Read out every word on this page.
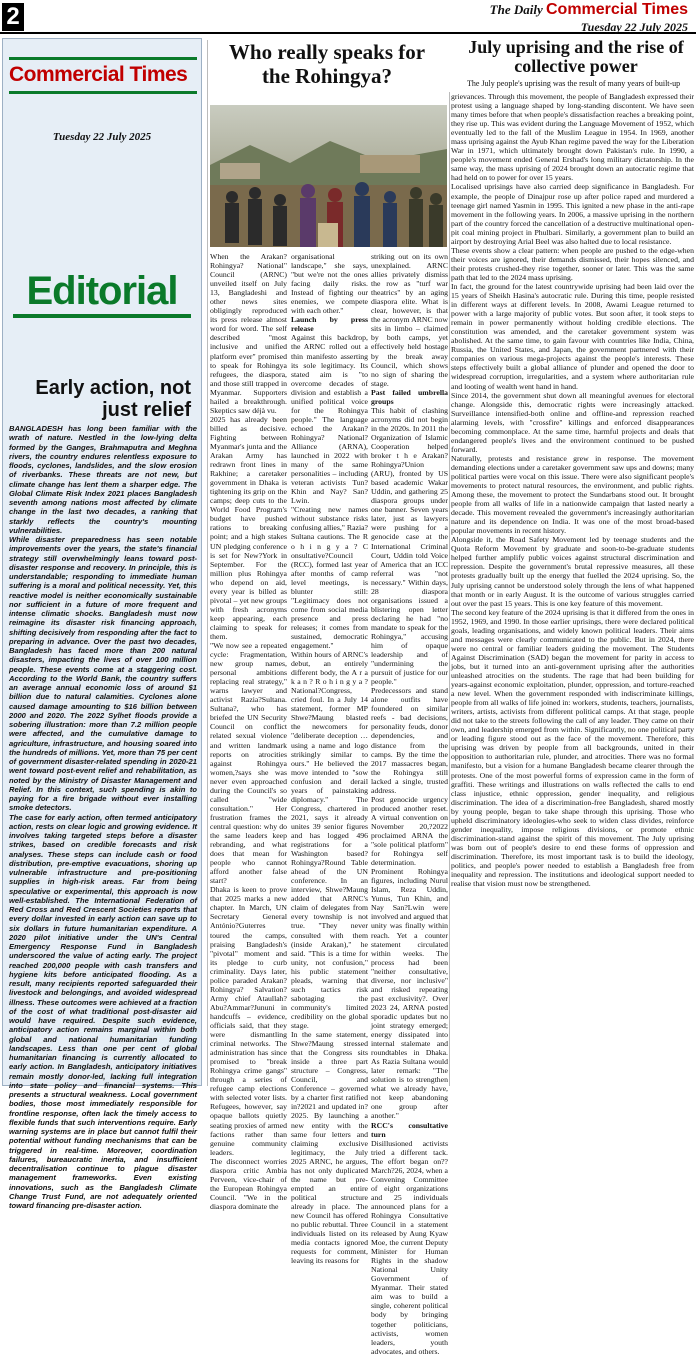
2	The Daily Commercial Times
Tuesday 22 July 2025
Commercial Times
Tuesday 22 July 2025
Editorial
Early action, not just relief

BANGLADESH has long been familiar with the wrath of nature. Nestled in the low-lying delta formed by the Ganges, Brahmaputra and Meghna rivers, the country endures relentless exposure to floods, cyclones, landslides, and the slow erosion of riverbanks. These threats are not new, but climate change has lent them a sharper edge. The Global Climate Risk Index 2021 places Bangladesh seventh among nations most affected by climate change in the last two decades, a ranking that starkly reflects the country's mounting vulnerabilities.

While disaster preparedness has seen notable improvements over the years, the state's financial strategy still overwhelmingly leans toward post-disaster response and recovery. In principle, this is understandable; responding to immediate human suffering is a moral and political necessity. Yet, this reactive model is neither economically sustainable nor sufficient in a future of more frequent and intense climatic shocks. Bangladesh must now reimagine its disaster risk financing approach, shifting decisively from responding after the fact to preparing in advance. Over the past two decades, Bangladesh has faced more than 200 natural disasters, impacting the lives of over 100 million people. These events come at a staggering cost. According to the World Bank, the country suffers an average annual economic loss of around $1 billion due to natural calamities. Cyclones alone caused damage amounting to $16 billion between 2000 and 2020. The 2022 Sylhet floods provide a sobering illustration: more than 7.2 million people were affected, and the cumulative damage to agriculture, infrastructure, and housing soared into the hundreds of millions. Yet, more than 75 per cent of government disaster-related spending in 2020-21 went toward post-event relief and rehabilitation, as noted by the Ministry of Disaster Management and Relief. In this context, such spending is akin to paying for a fire brigade without ever installing smoke detectors.

The case for early action, often termed anticipatory action, rests on clear logic and growing evidence. It involves taking targeted steps before a disaster strikes, based on credible forecasts and risk analyses. These steps can include cash or food distribution, pre-emptive evacuations, shoring up vulnerable infrastructure and pre-positioning supplies in high-risk areas. Far from being speculative or experimental, this approach is now well-established. The International Federation of Red Cross and Red Crescent Societies reports that every dollar invested in early action can save up to six dollars in future humanitarian expenditure. A 2020 pilot initiative under the UN's Central Emergency Response Fund in Bangladesh underscored the value of acting early. The project reached 200,000 people with cash transfers and hygiene kits before anticipated flooding. As a result, many recipients reported safeguarded their livestock and belongings, and avoided widespread illness. These outcomes were achieved at a fraction of the cost of what traditional post-disaster aid would have required. Despite such evidence, anticipatory action remains marginal within both global and national humanitarian funding landscapes. Less than one per cent of global humanitarian financing is currently allocated to early action. In Bangladesh, anticipatory initiatives remain mostly donor-led, lacking full integration into state policy and financial systems. This presents a structural weakness. Local government bodies, those most immediately responsible for frontline response, often lack the timely access to flexible funds that such interventions require. Early warning systems are in place but cannot fulfil their potential without funding mechanisms that can be triggered in real-time. Moreover, coordination failures, bureaucratic inertia, and insufficient decentralisation continue to plague disaster management frameworks. Even existing innovations, such as the Bangladesh Climate Change Trust Fund, are not adequately oriented toward financing pre-disaster action.

Who really speaks for the Rohingya?
July uprising and the rise of collective power
The July people's uprising was the result of many years of built-up

When the Arakan? Rohingya? National" Council (ARNC) unveiled itself on July 13, Bangladeshi and other news sites obligingly reproduced its press release almost word for word. The self described "most inclusive and unified platform ever" promised to speak for Rohingya refugees, the diaspora, and those still trapped in Myanmar. Supporters hailed a breakthrough. Skeptics saw déjà vu.

2025 has already been billed as decisive. Fighting between Myanmar's junta and the Arakan Army has redrawn front lines in Rakhine; a caretaker government in Dhaka is tightening its grip on the camps; deep cuts to the World Food Program's budget have pushed rations to breaking point; and a high stakes UN pledging conference is set for New?York in September. For the million plus Rohingya who depend on aid, every year is billed as pivotal – yet new groups with fresh acronyms keep appearing, each claiming to speak for them.

"We now see a repeated cycle: Fragmentation, new group names, personal ambitions replacing real strategy," warns lawyer and activist Razia?Sultana. Sultana?, who has briefed the UN Security Council on conflict related sexual violence and written landmark reports on atrocities against Rohingya women,?says she was never even approached during the Council's so called "wide consultation." Her frustration frames the central question: why do the same leaders keep rebranding, and what does that mean for people who cannot afford another false start?

Dhaka is keen to prove that 2025 marks a new chapter. In March, UN Secretary General António?Guterres toured the camps, praising Bangladesh's "pivotal" moment and its pledge to curb criminality. Days later, police paraded Arakan? Rohingya? Salvation? Army chief Ataullah? Abu?Ammar?Jununi in handcuffs – evidence, officials said, that they were dismantling criminal networks. The administration has since promised to "break Rohingya crime gangs" through a series of refugee camp elections with selected voter lists. Refugees, however, say opaque ballots quietly seating proxies of armed factions rather than genuine community leaders.

The disconnect worries diaspora critic Ambia Perveen, vice-chair of the European Rohingya Council. "We in the diaspora dominate the

organisational landscape," she says, "but we're not the ones facing daily risks. Instead of fighting our enemies, we compete with each other."

Launch by press release

Against this backdrop, the ARNC rolled out a thin manifesto asserting its sole legitimacy. Its stated aim is "to overcome decades of division and establish a unified political voice for the Rohingya people." The language echoed the Arakan? Rohingya? National?Alliance (ARNA), launched in 2022 with many of the same personalities – including veteran activists Tun?Khin and Nay? San?Lwin.

"Creating new names without substance risks confusing allies," Razia?Sultana cautions. The R o h i n g y a ? C onsultative?Council (RCC), formed last year after months of camp level meetings, is blunter still: "Legitimacy does not come from social media presence and press releases; it comes from sustained, democratic engagement."

Within hours of ARNC's debut, an entirely different body, the A r a k a n ? R o h i n g y a ? National?Congress, cried foul. In a July 14 statement, former MP Shwe?Maung blasted the newcomers for "deliberate deception … using a name and logo strikingly similar to ours." He believed the move intended to "sow confusion and derail years of painstaking diplomacy." The Congress, chartered in 2021, says it already unites 39 senior figures and has logged 496 registrations for a Washington based? Rohingya?Round Table ahead of the UN conference. In an interview, Shwe?Maung added that ARNC's claim of delegates from every township is not true. "They never consulted with them (inside Arakan)," he said. "This is a time for unity, not confusion," his public statement pleads, warning that such tactics risk sabotaging the community's limited credibility on the global stage.

In the same statement, Shwe?Maung stressed that the Congress sits inside a three part structure – Congress, Council, and Conference – governed by a charter first ratified in?2021 and updated in?2025. By launching a new entity with the same four letters and claiming exclusive legitimacy, the July 2025 ARNC, he argues, has not only duplicated the name but pre-empted an entire political structure already in place. The new Council has offered no public rebuttal. Three individuals listed on its media contacts ignored requests for comment, leaving its reasons for

striking out on its own unexplained. ARNC allies privately dismiss the row as "turf war theatrics" by an aging diaspora elite. What is clear, however, is that the acronym ARNC now sits in limbo – claimed by both camps, yet effectively held hostage by the break away Council, which shows no sign of sharing the stage.

Past failed umbrella groups

This habit of clashing acronyms did not begin in the 2020s. In 2011 the Organization of Islamic Cooperation helped broker t h e Arakan?Rohingya?Union (ARU), fronted by US based academic Wakar Uddin, and gathering 25 diaspora groups under one banner. Seven years later, just as lawyers were pushing for a genocide case at the International Criminal Court, Uddin told Voice of America that an ICC referral was "not necessary." Within days, 28 diaspora organisations issued a blistering open letter declaring he had "no mandate to speak for the Rohingya," accusing him of opaque leadership and of "undermining the pursuit of justice for our people."

Predecessors and stand alone outfits have foundered on similar reefs - bad decisions, personality feuds, donor dependencies, and distance from the camps. By the time the 2017 massacres began, the Rohingya still lacked a single, trusted address.

Post genocide urgency produced another reset. A virtual convention on November 20,?2022 proclaimed ARNA the "sole political platform" for Rohingya self determination. Prominent Rohingya figures, including Nurul Islam, Reza Uddin, Yunus, Tun Khin, and Nay San?Lwin were involved and argued that unity was finally within reach. Yet a counter statement circulated within weeks. The process had been "neither consultative, diverse, nor inclusive" and risked repeating past exclusivity?. Over 2023 24, ARNA posted sporadic updates but no joint strategy emerged; energy dissipated into internal stalemate and roundtables in Dhaka. As Razia Sultana would later remark: "The solution is to strengthen what we already have, not keep abandoning one group after another."

RCC's consultative turn

Disillusioned activists tried a different tack. The effort began on??March?26, 2024, when a Convening Committee of eight organizations and 25 individuals announced plans for a Rohingya Consultative Council in a statement released by Aung Kyaw Moe, the current Deputy Minister for Human Rights in the shadow National Unity Government of Myanmar. Their stated aim was to build a single, coherent political body by bringing together politicians, activists, women leaders, youth advocates, and others.

grievances. Through this movement, the people of Bangladesh expressed their protest using a language shaped by long-standing discontent. We have seen many times before that when people's dissatisfaction reaches a breaking point, they rise up. This was evident during the Language Movement of 1952, which eventually led to the fall of the Muslim League in 1954. In 1969, another mass uprising against the Ayub Khan regime paved the way for the Liberation War in 1971, which ultimately brought down Pakistan's rule. In 1990, a people's movement ended General Ershad's long military dictatorship. In the same way, the mass uprising of 2024 brought down an autocratic regime that had held on to power for over 15 years.

Localised uprisings have also carried deep significance in Bangladesh. For example, the people of Dinajpur rose up after police raped and murdered a teenage girl named Yasmin in 1995. This ignited a new phase in the anti-rape movement in the following years. In 2006, a massive uprising in the northern part of the country forced the cancellation of a destructive multinational open-pit coal mining project in Phulbari. Similarly, a government plan to build an airport by destroying Arial Beel was also halted due to local resistance.

These events show a clear pattern: when people are pushed to the edge-when their voices are ignored, their demands dismissed, their hopes silenced, and their protests crushed-they rise together, sooner or later. This was the same path that led to the 2024 mass uprising.

In fact, the ground for the latest countrywide uprising had been laid over the 15 years of Sheikh Hasina's autocratic rule. During this time, people resisted in different ways at different levels. In 2008, Awami League returned to power with a large majority of public votes. But soon after, it took steps to remain in power permanently without holding credible elections. The constitution was amended, and the caretaker government system was abolished. At the same time, to gain favour with countries like India, China, Russia, the United States, and Japan, the government partnered with their companies on various mega-projects against the people's interests. These steps effectively built a global alliance of plunder and opened the door to widespread corruption, irregularities, and a system where authoritarian rule and looting of wealth went hand in hand.

Since 2014, the government shut down all meaningful avenues for electoral change. Alongside this, democratic rights were increasingly attacked. Surveillance intensified-both online and offline-and repression reached alarming levels, with "crossfire" killings and enforced disappearances becoming commonplace. At the same time, harmful projects and deals that endangered people's lives and the environment continued to be pushed forward.

Naturally, protests and resistance grew in response. The movement demanding elections under a caretaker government saw ups and downs; many political parties were vocal on this issue. There were also significant people's movements to protect natural resources, the environment, and public rights. Among these, the movement to protect the Sundarbans stood out. It brought people from all walks of life in a nationwide campaign that lasted nearly a decade. This movement revealed the government's increasingly authoritarian nature and its dependence on India. It was one of the most broad-based popular movements in recent history.

Alongside it, the Road Safety Movement led by teenage students and the Quota Reform Movement by graduate and soon-to-be-graduate students helped further amplify public voices against structural discrimination and repression. Despite the government's brutal repressive measures, all these protests gradually built up the energy that fuelled the 2024 uprising. So, the July uprising cannot be understood solely through the lens of what happened that month or in early August. It is the outcome of various struggles carried out over the past 15 years. This is one key feature of this movement.

The second key feature of the 2024 uprising is that it differed from the ones in 1952, 1969, and 1990. In those earlier uprisings, there were declared political goals, leading organisations, and widely known political leaders. Their aims and messages were clearly communicated to the public. But in 2024, there were no central or familiar leaders guiding the movement. The Students Against Discrimination (SAD) began the movement for parity in access to jobs, but it turned into an anti-government uprising after the authorities unleashed atrocities on the students. The rage that had been building for years-against economic exploitation, plunder, oppression, and torture-reached a new level. When the government responded with indiscriminate killings, people from all walks of life joined in: workers, students, teachers, journalists, writers, artists, activists from different political camps. At that stage, people did not take to the streets following the call of any leader. They came on their own, and leadership emerged from within. Significantly, no one political party or leading figure stood out as the face of the movement. Therefore, this uprising was driven by people from all backgrounds, united in their opposition to authoritarian rule, plunder, and atrocities. There was no formal manifesto, but a vision for a humane Bangladesh became clearer through the protests. One of the most powerful forms of expression came in the form of graffiti. These writings and illustrations on walls reflected the calls to end class injustice, ethnic oppression, gender inequality, and religious discrimination. The idea of a discrimination-free Bangladesh, shared mostly by young people, began to take shape through this uprising. Those who upheld discriminatory ideologies-who seek to widen class divides, reinforce gender inequality, impose religious divisions, or promote ethnic discrimination-stand against the spirit of this movement. The July uprising was born out of people's desire to end these forms of oppression and discrimination. Therefore, its most important task is to build the ideology, politics, and people's power needed to establish a Bangladesh free from inequality and repression. The institutions and ideological support needed to realise that vision must now be strengthened.
